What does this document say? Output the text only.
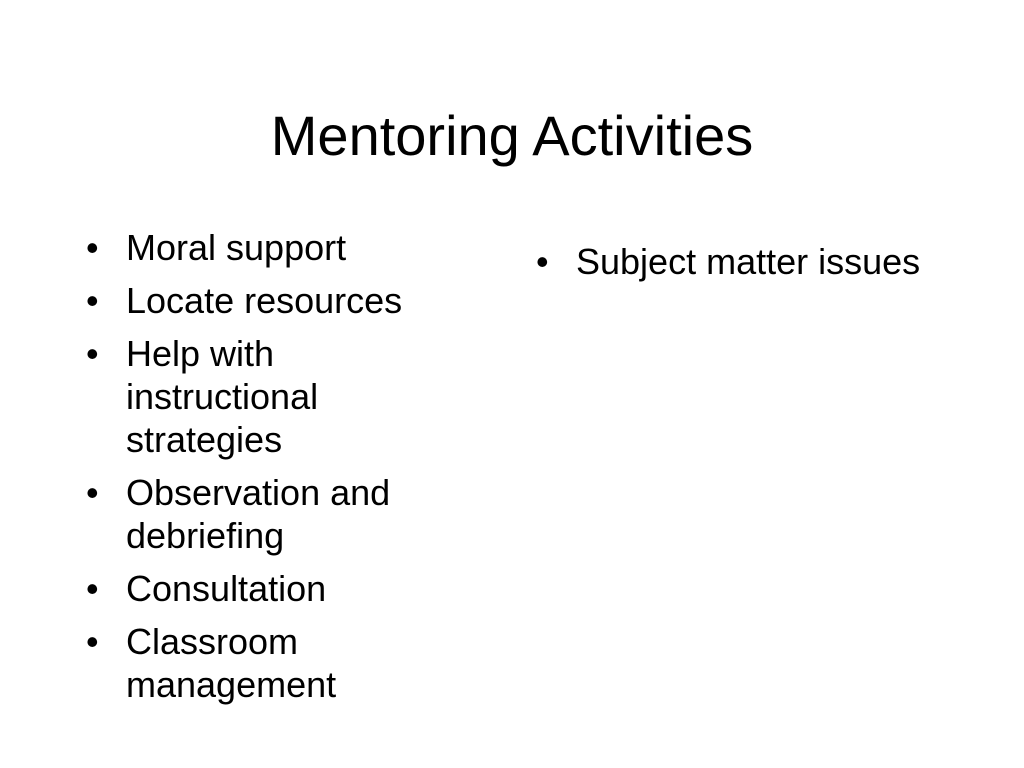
Mentoring Activities
• Moral support
• Locate resources
• Help with instructional strategies
• Observation and debriefing
• Consultation
• Classroom management
• Subject matter issues
